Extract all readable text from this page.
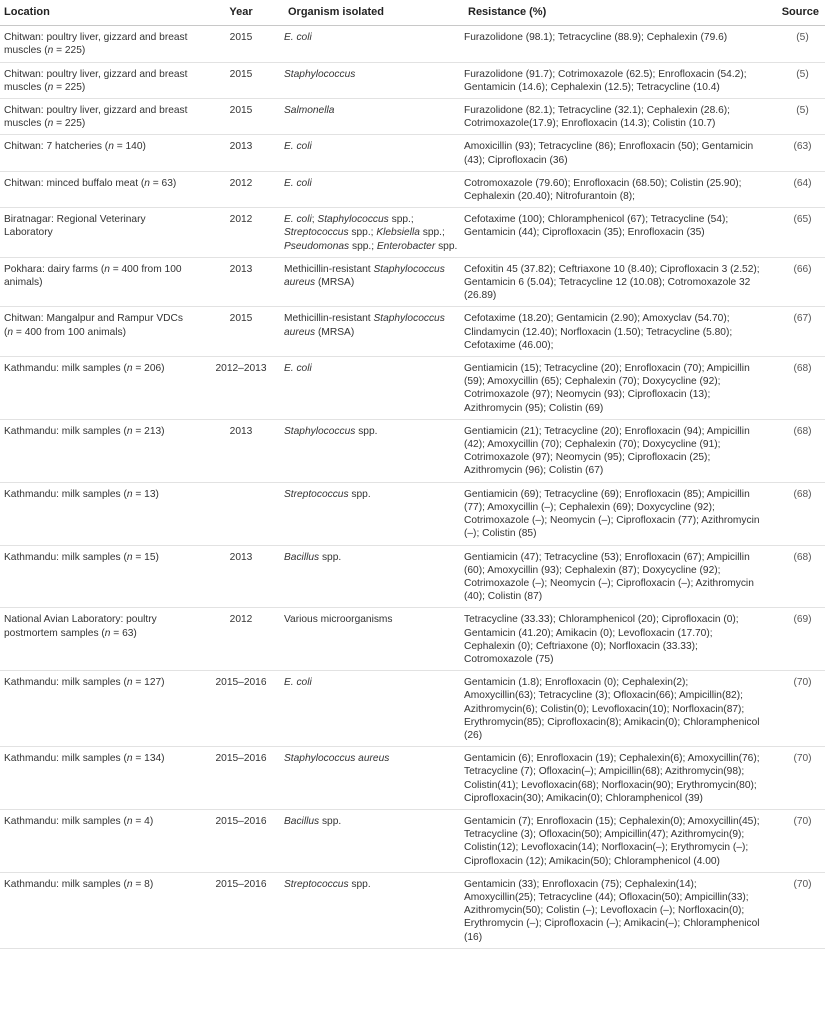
Location	Year	Organism isolated	Resistance (%)	Source
Chitwan: poultry liver, gizzard and breast muscles (n = 225)	2015	E. coli	Furazolidone (98.1); Tetracycline (88.9); Cephalexin (79.6)	(5)
Chitwan: poultry liver, gizzard and breast muscles (n = 225)	2015	Staphylococcus	Furazolidone (91.7); Cotrimoxazole (62.5); Enrofloxacin (54.2); Gentamicin (14.6); Cephalexin (12.5); Tetracycline (10.4)	(5)
Chitwan: poultry liver, gizzard and breast muscles (n = 225)	2015	Salmonella	Furazolidone (82.1); Tetracycline (32.1); Cephalexin (28.6); Cotrimoxazole(17.9); Enrofloxacin (14.3); Colistin (10.7)	(5)
Chitwan: 7 hatcheries (n = 140)	2013	E. coli	Amoxicillin (93); Tetracycline (86); Enrofloxacin (50); Gentamicin (43); Ciprofloxacin (36)	(63)
Chitwan: minced buffalo meat (n = 63)	2012	E. coli	Cotromoxazole (79.60); Enrofloxacin (68.50); Colistin (25.90); Cephalexin (20.40); Nitrofurantoin (8);	(64)
Biratnagar: Regional Veterinary Laboratory	2012	E. coli; Staphylococcus spp.; Streptococcus spp.; Klebsiella spp.; Pseudomonas spp.; Enterobacter spp.	Cefotaxime (100); Chloramphenicol (67); Tetracycline (54); Gentamicin (44); Ciprofloxacin (35); Enrofloxacin (35)	(65)
Pokhara: dairy farms (n = 400 from 100 animals)	2013	Methicillin-resistant Staphylococcus aureus (MRSA)	Cefoxitin 45 (37.82); Ceftriaxone 10 (8.40); Ciprofloxacin 3 (2.52); Gentamicin 6 (5.04); Tetracycline 12 (10.08); Cotromoxazole 32 (26.89)	(66)
Chitwan: Mangalpur and Rampur VDCs (n = 400 from 100 animals)	2015	Methicillin-resistant Staphylococcus aureus (MRSA)	Cefotaxime (18.20); Gentamicin (2.90); Amoxyclav (54.70); Clindamycin (12.40); Norfloxacin (1.50); Tetracycline (5.80); Cefotaxime (46.00);	(67)
Kathmandu: milk samples (n = 206)	2012–2013	E. coli	Gentiamicin (15); Tetracycline (20); Enrofloxacin (70); Ampicillin (59); Amoxycillin (65); Cephalexin (70); Doxycycline (92); Cotrimoxazole (97); Neomycin (93); Ciprofloxacin (13); Azithromycin (95); Colistin (69)	(68)
Kathmandu: milk samples (n = 213)	2013	Staphylococcus spp.	Gentiamicin (21); Tetracycline (20); Enrofloxacin (94); Ampicillin (42); Amoxycillin (70); Cephalexin (70); Doxycycline (91); Cotrimoxazole (97); Neomycin (95); Ciprofloxacin (25); Azithromycin (96); Colistin (67)	(68)
Kathmandu: milk samples (n = 13)		Streptococcus spp.	Gentiamicin (69); Tetracycline (69); Enrofloxacin (85); Ampicillin (77); Amoxycillin (–); Cephalexin (69); Doxycycline (92); Cotrimoxazole (–); Neomycin (–); Ciprofloxacin (77); Azithromycin (–); Colistin (85)	(68)
Kathmandu: milk samples (n = 15)	2013	Bacillus spp.	Gentiamicin (47); Tetracycline (53); Enrofloxacin (67); Ampicillin (60); Amoxycillin (93); Cephalexin (87); Doxycycline (92); Cotrimoxazole (–); Neomycin (–); Ciprofloxacin (–); Azithromycin (40); Colistin (87)	(68)
National Avian Laboratory: poultry postmortem samples (n = 63)	2012	Various microorganisms	Tetracycline (33.33); Chloramphenicol (20); Ciprofloxacin (0); Gentamicin (41.20); Amikacin (0); Levofloxacin (17.70); Cephalexin (0); Ceftriaxone (0); Norfloxacin (33.33); Cotromoxazole (75)	(69)
Kathmandu: milk samples (n = 127)	2015–2016	E. coli	Gentamicin (1.8); Enrofloxacin (0); Cephalexin(2); Amoxycillin(63); Tetracycline (3); Ofloxacin(66); Ampicillin(82); Azithromycin(6); Colistin(0); Levofloxacin(10); Norfloxacin(87); Erythromycin(85); Ciprofloxacin(8); Amikacin(0); Chloramphenicol (26)	(70)
Kathmandu: milk samples (n = 134)	2015–2016	Staphylococcus aureus	Gentamicin (6); Enrofloxacin (19); Cephalexin(6); Amoxycillin(76); Tetracycline (7); Ofloxacin(–); Ampicillin(68); Azithromycin(98); Colistin(41); Levofloxacin(68); Norfloxacin(90); Erythromycin(80); Ciprofloxacin(30); Amikacin(0); Chloramphenicol (39)	(70)
Kathmandu: milk samples (n = 4)	2015–2016	Bacillus spp.	Gentamicin (7); Enrofloxacin (15); Cephalexin(0); Amoxycillin(45); Tetracycline (3); Ofloxacin(50); Ampicillin(47); Azithromycin(9); Colistin(12); Levofloxacin(14); Norfloxacin(–); Erythromycin (–); Ciprofloxacin (12); Amikacin(50); Chloramphenicol (4.00)	(70)
Kathmandu: milk samples (n = 8)	2015–2016	Streptococcus spp.	Gentamicin (33); Enrofloxacin (75); Cephalexin(14); Amoxycillin(25); Tetracycline (44); Ofloxacin(50); Ampicillin(33); Azithromycin(50); Colistin (–); Levofloxacin (–); Norfloxacin(0); Erythromycin (–); Ciprofloxacin (–); Amikacin(–); Chloramphenicol (16)	(70)
